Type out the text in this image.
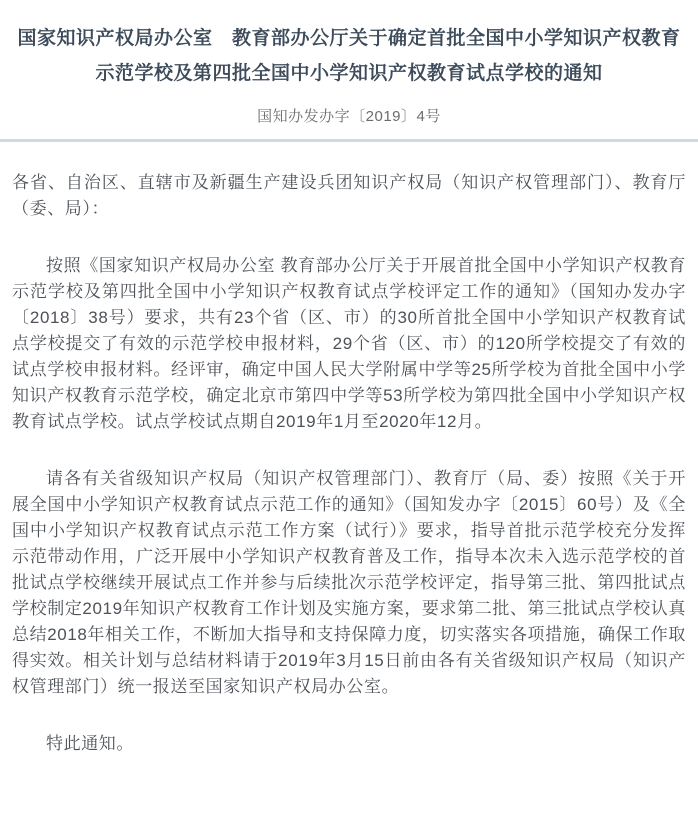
国家知识产权局办公室　教育部办公厅关于确定首批全国中小学知识产权教育示范学校及第四批全国中小学知识产权教育试点学校的通知
国知办发办字〔2019〕4号

各省、自治区、直辖市及新疆生产建设兵团知识产权局（知识产权管理部门）、教育厅（委、局）：

按照《国家知识产权局办公室 教育部办公厅关于开展首批全国中小学知识产权教育示范学校及第四批全国中小学知识产权教育试点学校评定工作的通知》（国知办发办字〔2018〕38号）要求，共有23个省（区、市）的30所首批全国中小学知识产权教育试点学校提交了有效的示范学校申报材料，29个省（区、市）的120所学校提交了有效的试点学校申报材料。经评审，确定中国人民大学附属中学等25所学校为首批全国中小学知识产权教育示范学校，确定北京市第四中学等53所学校为第四批全国中小学知识产权教育试点学校。试点学校试点期自2019年1月至2020年12月。

请各有关省级知识产权局（知识产权管理部门）、教育厅（局、委）按照《关于开展全国中小学知识产权教育试点示范工作的通知》（国知发办字〔2015〕60号）及《全国中小学知识产权教育试点示范工作方案（试行）》要求，指导首批示范学校充分发挥示范带动作用，广泛开展中小学知识产权教育普及工作，指导本次未入选示范学校的首批试点学校继续开展试点工作并参与后续批次示范学校评定，指导第三批、第四批试点学校制定2019年知识产权教育工作计划及实施方案，要求第二批、第三批试点学校认真总结2018年相关工作，不断加大指导和支持保障力度，切实落实各项措施，确保工作取得实效。相关计划与总结材料请于2019年3月15日前由各有关省级知识产权局（知识产权管理部门）统一报送至国家知识产权局办公室。

特此通知。
